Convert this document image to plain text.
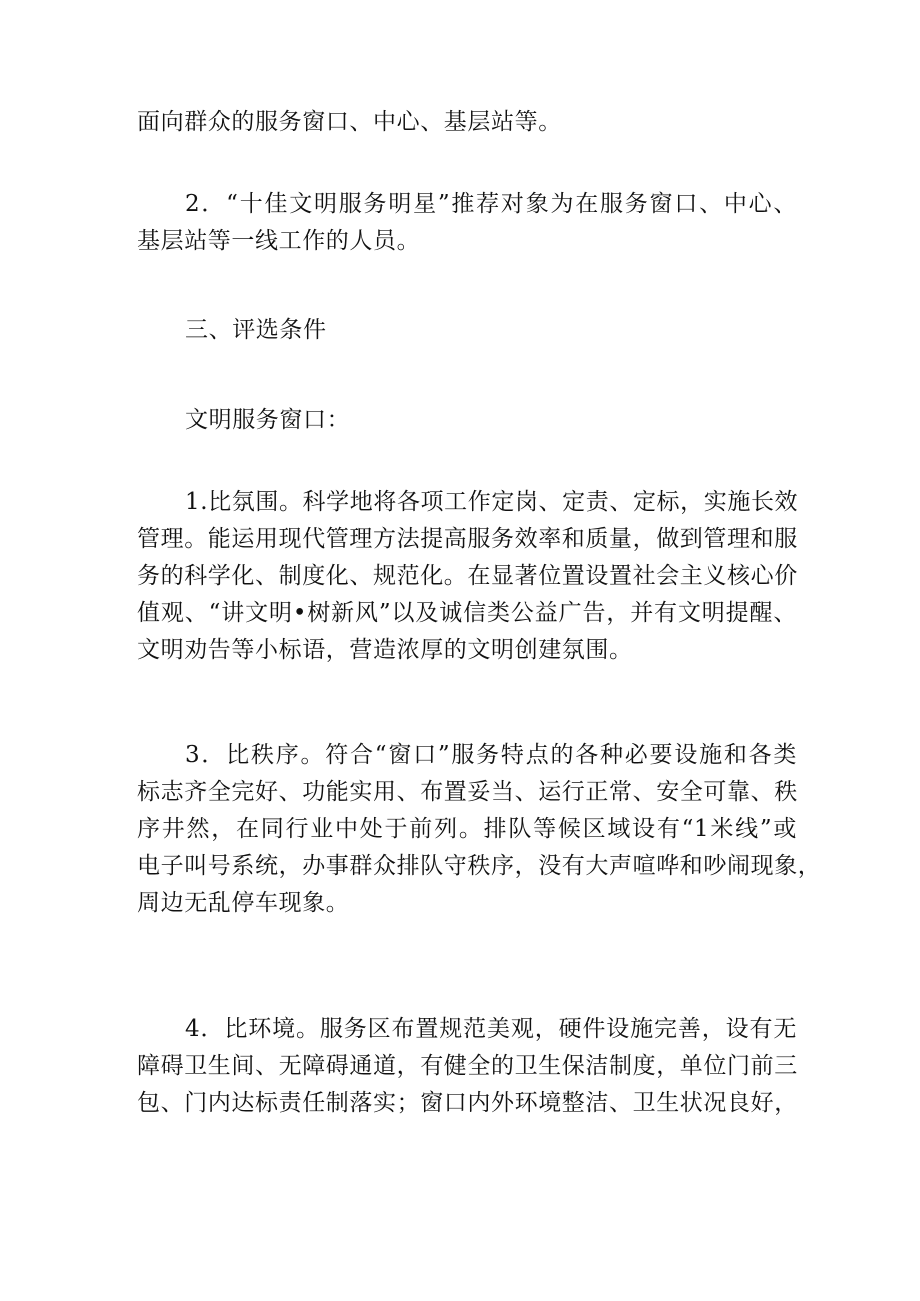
面向群众的服务窗口、中心、基层站等。

2．“十佳文明服务明星”推荐对象为在服务窗口、中心、
基层站等一线工作的人员。

三、评选条件

文明服务窗口：

1.比氛围。科学地将各项工作定岗、定责、定标，实施长效
管理。能运用现代管理方法提高服务效率和质量，做到管理和服
务的科学化、制度化、规范化。在显著位置设置社会主义核心价
值观、“讲文明•树新风”以及诚信类公益广告，并有文明提醒、
文明劝告等小标语，营造浓厚的文明创建氛围。

3．比秩序。符合“窗口”服务特点的各种必要设施和各类
标志齐全完好、功能实用、布置妥当、运行正常、安全可靠、秩
序井然，在同行业中处于前列。排队等候区域设有“1米线”或
电子叫号系统，办事群众排队守秩序，没有大声喧哗和吵闹现象，
周边无乱停车现象。

4．比环境。服务区布置规范美观，硬件设施完善，设有无
障碍卫生间、无障碍通道，有健全的卫生保洁制度，单位门前三
包、门内达标责任制落实；窗口内外环境整洁、卫生状况良好，
